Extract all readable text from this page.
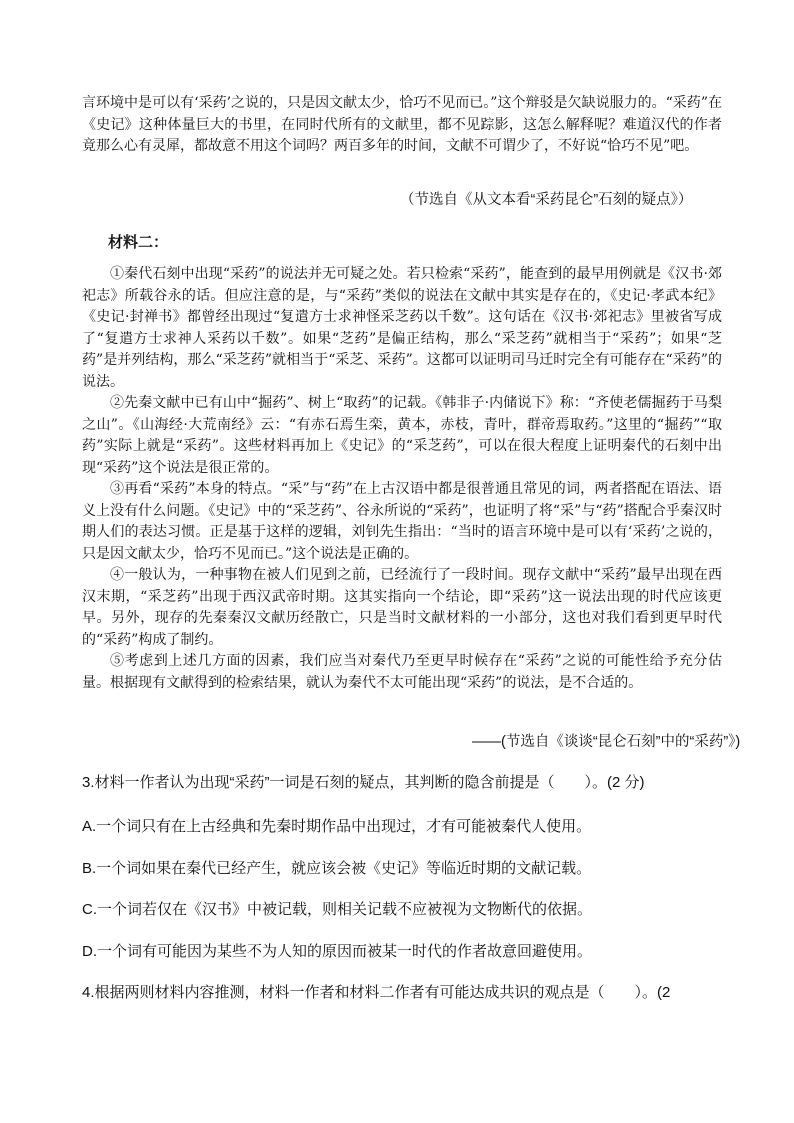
言环境中是可以有‘采药’之说的，只是因文献太少，恰巧不见而已。”这个辩驳是欠缺说服力的。“采药”在《史记》这种体量巨大的书里，在同时代所有的文献里，都不见踪影，这怎么解释呢？难道汉代的作者竟那么心有灵犀，都故意不用这个词吗？两百多年的时间，文献不可谓少了，不好说“恰巧不见”吧。

（节选自《从文本看“采药昆仑”石刻的疑点》）
材料二：

①秦代石刻中出现“采药”的说法并无可疑之处。若只检索“采药”，能查到的最早用例就是《汉书·郊祀志》所载谷永的话。但应注意的是，与“采药”类似的说法在文献中其实是存在的，《史记·孝武本纪》《史记·封禅书》都曾经出现过“复遣方士求神怪采芝药以千数”。这句话在《汉书·郊祀志》里被省写成了“复遣方士求神人采药以千数”。如果“芝药”是偏正结构，那么“采芝药”就相当于“采药”；如果“芝药”是并列结构，那么“采芝药”就相当于“采芝、采药”。这都可以证明司马迁时完全有可能存在“采药”的说法。

②先秦文献中已有山中“掘药”、树上“取药”的记载。《韩非子·内储说下》称：“齐使老儒掘药于马梨之山”。《山海经·大荒南经》云：“有赤石焉生栾，黄本，赤枝，青叶，群帝焉取药。”这里的“掘药”“取药”实际上就是“采药”。这些材料再加上《史记》的“采芝药”，可以在很大程度上证明秦代的石刻中出现“采药”这个说法是很正常的。

③再看“采药”本身的特点。“采”与“药”在上古汉语中都是很普通且常见的词，两者搭配在语法、语义上没有什么问题。《史记》中的“采芝药”、谷永所说的“采药”，也证明了将“采”与“药”搭配合乎秦汉时期人们的表达习惯。正是基于这样的逻辑，刘钊先生指出：“当时的语言环境中是可以有‘采药’之说的，只是因文献太少，恰巧不见而已。”这个说法是正确的。

④一般认为，一种事物在被人们见到之前，已经流行了一段时间。现存文献中“采药”最早出现在西汉末期，“采芝药”出现于西汉武帝时期。这其实指向一个结论，即“采药”这一说法出现的时代应该更早。另外，现存的先秦秦汉文献历经散亡，只是当时文献材料的一小部分，这也对我们看到更早时代的“采药”构成了制约。

⑤考虑到上述几方面的因素，我们应当对秦代乃至更早时候存在“采药”之说的可能性给予充分估量。根据现有文献得到的检索结果，就认为秦代不太可能出现“采药”的说法，是不合适的。

——(节选自《谈谈“昆仑石刻”中的“采药”》)
3.材料一作者认为出现“采药”一词是石刻的疑点，其判断的隐含前提是（　　）。(2 分)
A.一个词只有在上古经典和先秦时期作品中出现过，才有可能被秦代人使用。
B.一个词如果在秦代已经产生，就应该会被《史记》等临近时期的文献记载。
C.一个词若仅在《汉书》中被记载，则相关记载不应被视为文物断代的依据。
D.一个词有可能因为某些不为人知的原因而被某一时代的作者故意回避使用。
4.根据两则材料内容推测，材料一作者和材料二作者有可能达成共识的观点是（　　）。(2
